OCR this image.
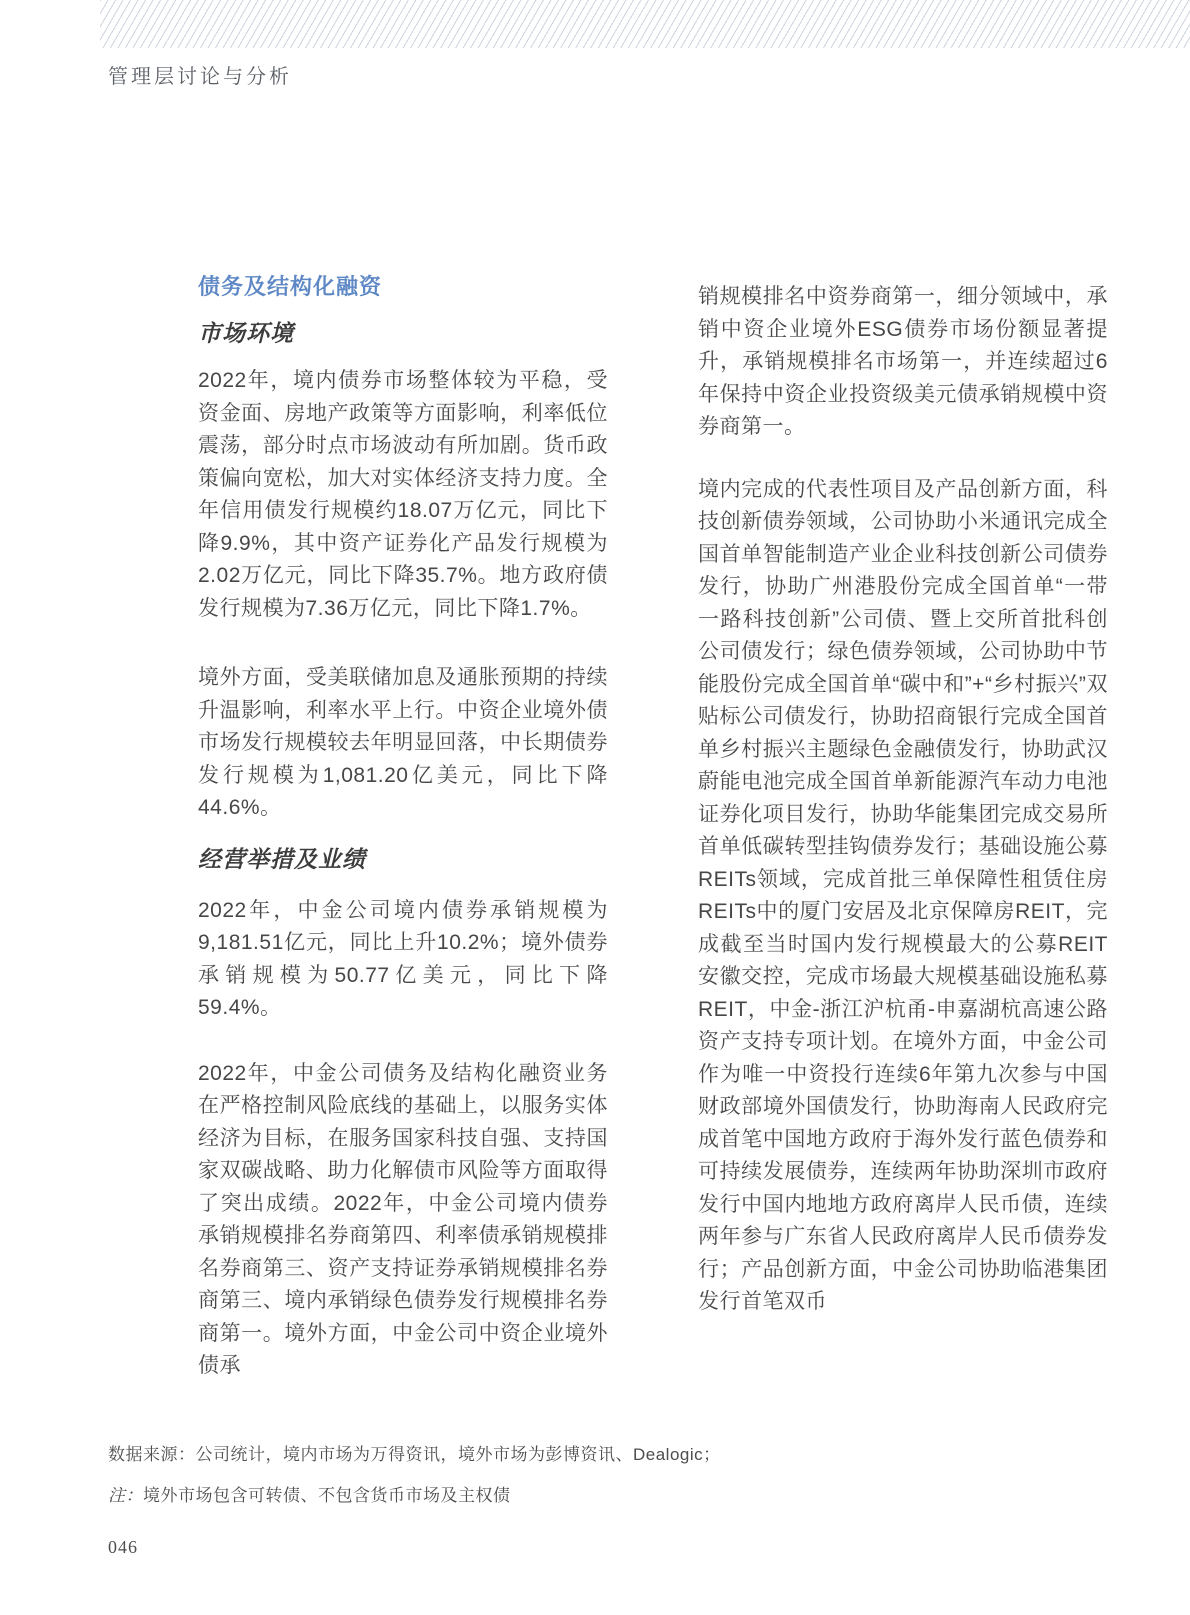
管理层讨论与分析
债务及结构化融资
市场环境

2022年，境内债券市场整体较为平稳，受资金面、房地产政策等方面影响，利率低位震荡，部分时点市场波动有所加剧。货币政策偏向宽松，加大对实体经济支持力度。全年信用债发行规模约18.07万亿元，同比下降9.9%，其中资产证券化产品发行规模为2.02万亿元，同比下降35.7%。地方政府债发行规模为7.36万亿元，同比下降1.7%。

境外方面，受美联储加息及通胀预期的持续升温影响，利率水平上行。中资企业境外债市场发行规模较去年明显回落，中长期债券发行规模为1,081.20亿美元，同比下降44.6%。

经营举措及业绩

2022年，中金公司境内债券承销规模为9,181.51亿元，同比上升10.2%；境外债券承销规模为50.77亿美元，同比下降59.4%。

2022年，中金公司债务及结构化融资业务在严格控制风险底线的基础上，以服务实体经济为目标，在服务国家科技自强、支持国家双碳战略、助力化解债市风险等方面取得了突出成绩。2022年，中金公司境内债券承销规模排名券商第四、利率债承销规模排名券商第三、资产支持证券承销规模排名券商第三、境内承销绿色债券发行规模排名券商第一。境外方面，中金公司中资企业境外债承

销规模排名中资券商第一，细分领域中，承销中资企业境外ESG债券市场份额显著提升，承销规模排名市场第一，并连续超过6年保持中资企业投资级美元债承销规模中资券商第一。

境内完成的代表性项目及产品创新方面，科技创新债券领域，公司协助小米通讯完成全国首单智能制造产业企业科技创新公司债券发行，协助广州港股份完成全国首单“一带一路科技创新”公司债、暨上交所首批科创公司债发行；绿色债券领域，公司协助中节能股份完成全国首单“碳中和”+“乡村振兴”双贴标公司债发行，协助招商银行完成全国首单乡村振兴主题绿色金融债发行，协助武汉蔚能电池完成全国首单新能源汽车动力电池证券化项目发行，协助华能集团完成交易所首单低碳转型挂钩债券发行；基础设施公募REITs领域，完成首批三单保障性租赁住房REITs中的厦门安居及北京保障房REIT，完成截至当时国内发行规模最大的公募REIT安徽交控，完成市场最大规模基础设施私募REIT，中金-浙江沪杭甬-申嘉湖杭高速公路资产支持专项计划。在境外方面，中金公司作为唯一中资投行连续6年第九次参与中国财政部境外国债发行，协助海南人民政府完成首笔中国地方政府于海外发行蓝色债券和可持续发展债券，连续两年协助深圳市政府发行中国内地地方政府离岸人民币债，连续两年参与广东省人民政府离岸人民币债券发行；产品创新方面，中金公司协助临港集团发行首笔双币

数据来源：公司统计，境内市场为万得资讯，境外市场为彭博资讯、Dealogic；

注：境外市场包含可转债、不包含货币市场及主权债

046
